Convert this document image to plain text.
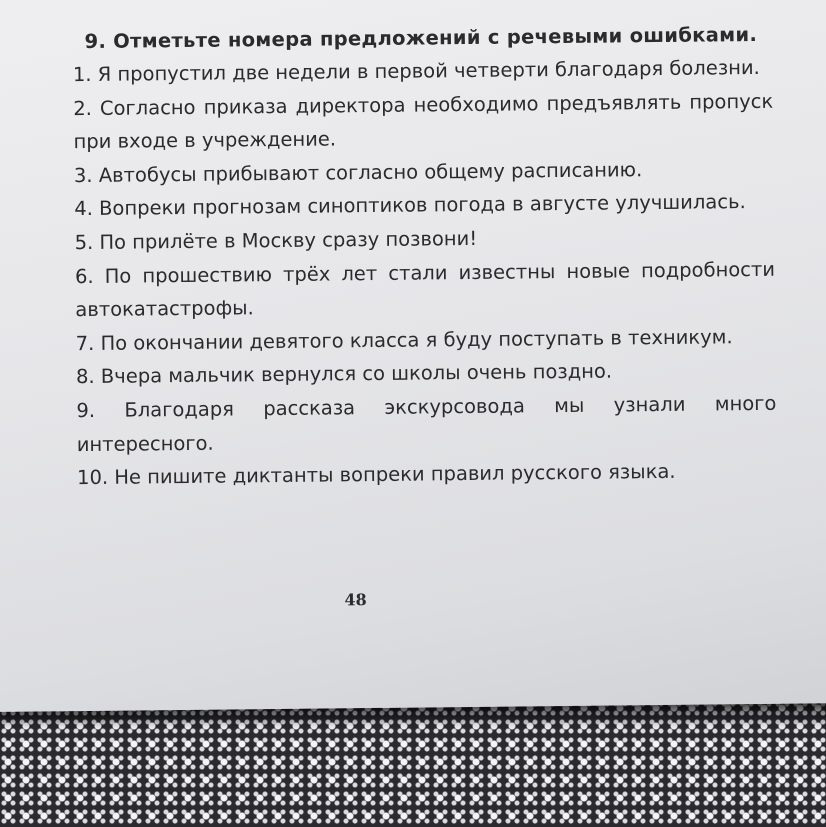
9. Отметьте номера предложений с речевыми ошибками.

1. Я пропустил две недели в первой четверти благодаря болезни.
2. Согласно приказа директора необходимо предъявлять пропуск при входе в учреждение.
3. Автобусы прибывают согласно общему расписанию.
4. Вопреки прогнозам синоптиков погода в августе улучшилась.
5. По прилёте в Москву сразу позвони!
6. По прошествию трёх лет стали известны новые подробности автокатастрофы.
7. По окончании девятого класса я буду поступать в техникум.
8. Вчера мальчик вернулся со школы очень поздно.
9. Благодаря рассказа экскурсовода мы узнали много интересного.
10. Не пишите диктанты вопреки правил русского языка.
48
